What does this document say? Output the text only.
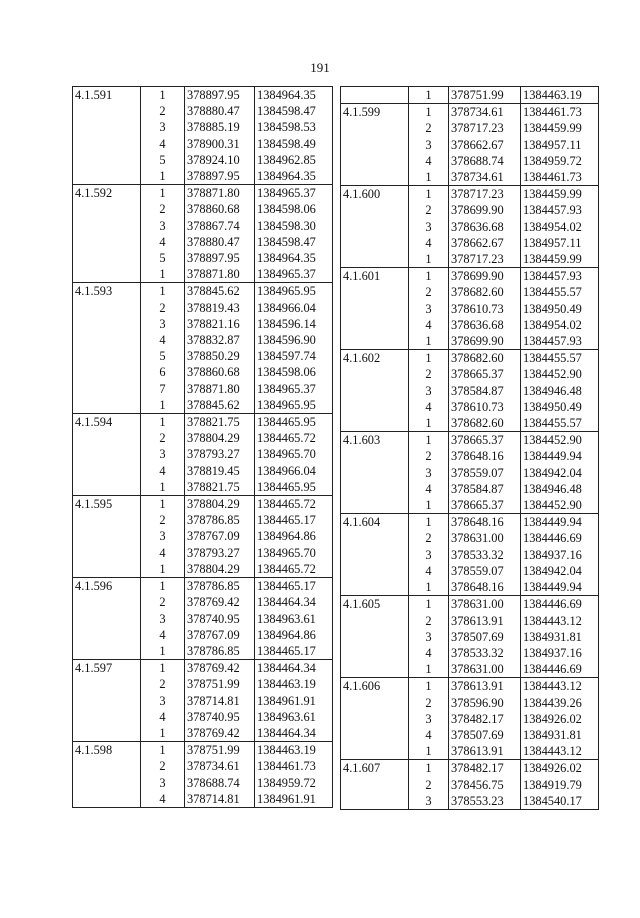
191
4.1.591	1	378897.95	1384964.35
	2	378880.47	1384598.47
	3	378885.19	1384598.53
	4	378900.31	1384598.49
	5	378924.10	1384962.85
	1	378897.95	1384964.35
4.1.592	1	378871.80	1384965.37
	2	378860.68	1384598.06
	3	378867.74	1384598.30
	4	378880.47	1384598.47
	5	378897.95	1384964.35
	1	378871.80	1384965.37
4.1.593	1	378845.62	1384965.95
	2	378819.43	1384966.04
	3	378821.16	1384596.14
	4	378832.87	1384596.90
	5	378850.29	1384597.74
	6	378860.68	1384598.06
	7	378871.80	1384965.37
	1	378845.62	1384965.95
4.1.594	1	378821.75	1384465.95
	2	378804.29	1384465.72
	3	378793.27	1384965.70
	4	378819.45	1384966.04
	1	378821.75	1384465.95
4.1.595	1	378804.29	1384465.72
	2	378786.85	1384465.17
	3	378767.09	1384964.86
	4	378793.27	1384965.70
	1	378804.29	1384465.72
4.1.596	1	378786.85	1384465.17
	2	378769.42	1384464.34
	3	378740.95	1384963.61
	4	378767.09	1384964.86
	1	378786.85	1384465.17
4.1.597	1	378769.42	1384464.34
	2	378751.99	1384463.19
	3	378714.81	1384961.91
	4	378740.95	1384963.61
	1	378769.42	1384464.34
4.1.598	1	378751.99	1384463.19
	2	378734.61	1384461.73
	3	378688.74	1384959.72
	4	378714.81	1384961.91
	1	378751.99	1384463.19
4.1.599	1	378734.61	1384461.73
	2	378717.23	1384459.99
	3	378662.67	1384957.11
	4	378688.74	1384959.72
	1	378734.61	1384461.73
4.1.600	1	378717.23	1384459.99
	2	378699.90	1384457.93
	3	378636.68	1384954.02
	4	378662.67	1384957.11
	1	378717.23	1384459.99
4.1.601	1	378699.90	1384457.93
	2	378682.60	1384455.57
	3	378610.73	1384950.49
	4	378636.68	1384954.02
	1	378699.90	1384457.93
4.1.602	1	378682.60	1384455.57
	2	378665.37	1384452.90
	3	378584.87	1384946.48
	4	378610.73	1384950.49
	1	378682.60	1384455.57
4.1.603	1	378665.37	1384452.90
	2	378648.16	1384449.94
	3	378559.07	1384942.04
	4	378584.87	1384946.48
	1	378665.37	1384452.90
4.1.604	1	378648.16	1384449.94
	2	378631.00	1384446.69
	3	378533.32	1384937.16
	4	378559.07	1384942.04
	1	378648.16	1384449.94
4.1.605	1	378631.00	1384446.69
	2	378613.91	1384443.12
	3	378507.69	1384931.81
	4	378533.32	1384937.16
	1	378631.00	1384446.69
4.1.606	1	378613.91	1384443.12
	2	378596.90	1384439.26
	3	378482.17	1384926.02
	4	378507.69	1384931.81
	1	378613.91	1384443.12
4.1.607	1	378482.17	1384926.02
	2	378456.75	1384919.79
	3	378553.23	1384540.17
